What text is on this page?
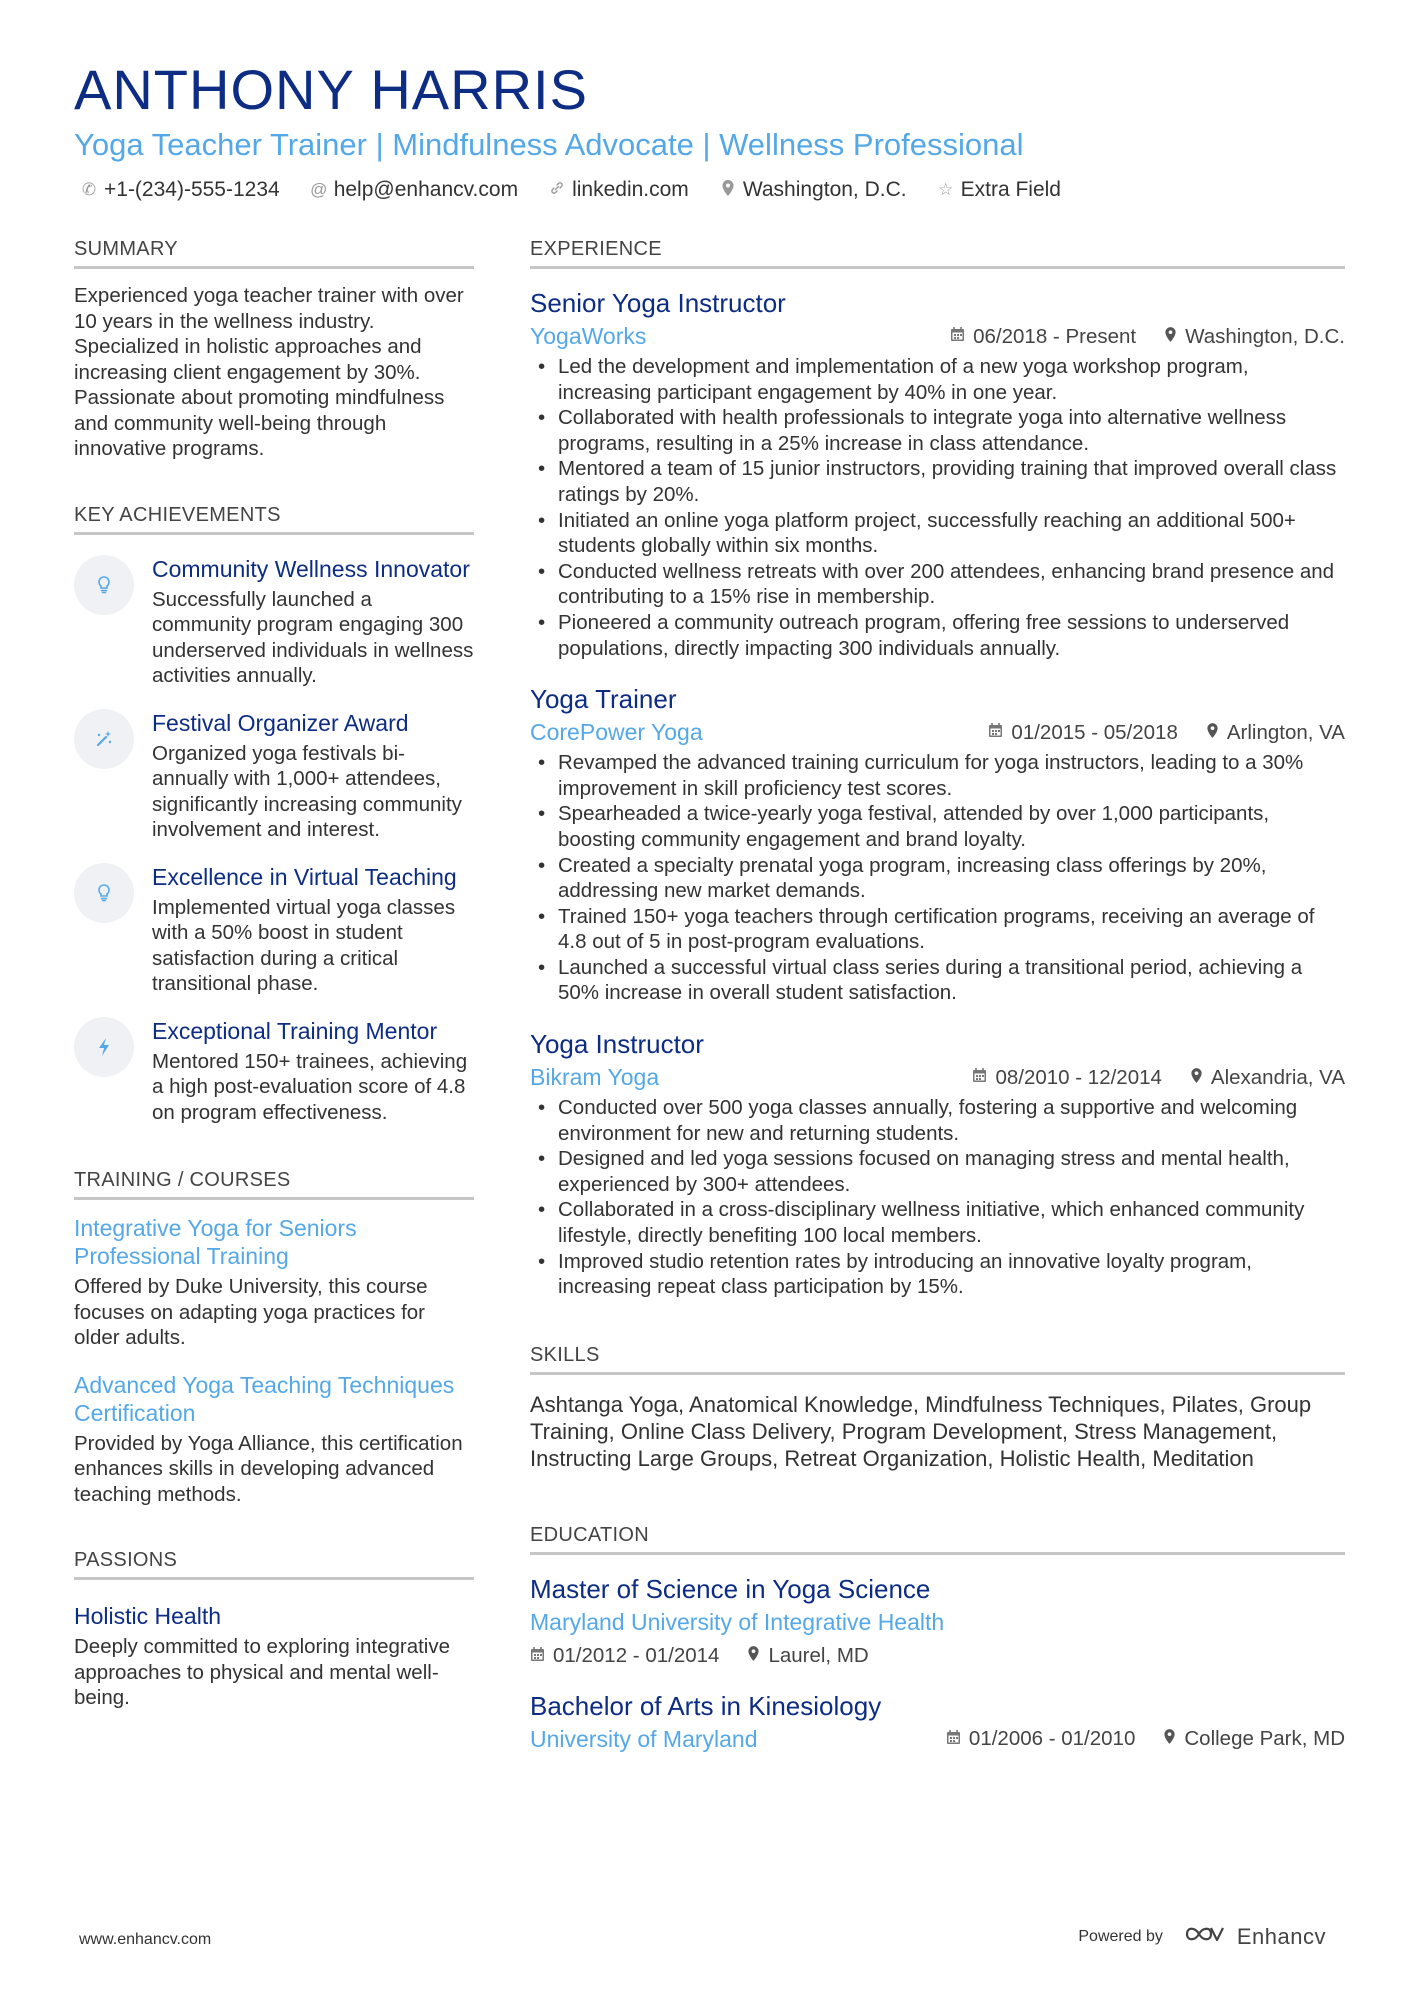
ANTHONY HARRIS
Yoga Teacher Trainer | Mindfulness Advocate | Wellness Professional
✆ +1-(234)-555-1234 @ help@enhancv.com	linkedin.com	Washington, D.C. ☆ Extra Field
SUMMARY

Experienced yoga teacher trainer with over 10 years in the wellness industry. Specialized in holistic approaches and increasing client engagement by 30%. Passionate about promoting mindfulness and community well-being through innovative programs.

KEY ACHIEVEMENTS
Community Wellness Innovator

Successfully launched a community program engaging 300 underserved individuals in wellness activities annually.

Festival Organizer Award

Organized yoga festivals bi-annually with 1,000+ attendees, significantly increasing community involvement and interest.

Excellence in Virtual Teaching

Implemented virtual yoga classes with a 50% boost in student satisfaction during a critical transitional phase.

Exceptional Training Mentor

Mentored 150+ trainees, achieving a high post-evaluation score of 4.8 on program effectiveness.

TRAINING / COURSES
Integrative Yoga for Seniors Professional Training

Offered by Duke University, this course focuses on adapting yoga practices for older adults.

Advanced Yoga Teaching Techniques Certification

Provided by Yoga Alliance, this certification enhances skills in developing advanced teaching methods.

PASSIONS
Holistic Health

Deeply committed to exploring integrative approaches to physical and mental well-being.

EXPERIENCE
Senior Yoga Instructor
YogaWorks	06/2018 - Present Washington, D.C.
• Led the development and implementation of a new yoga workshop program, increasing participant engagement by 40% in one year.
• Collaborated with health professionals to integrate yoga into alternative wellness programs, resulting in a 25% increase in class attendance.
• Mentored a team of 15 junior instructors, providing training that improved overall class ratings by 20%.
• Initiated an online yoga platform project, successfully reaching an additional 500+ students globally within six months.
• Conducted wellness retreats with over 200 attendees, enhancing brand presence and contributing to a 15% rise in membership.
• Pioneered a community outreach program, offering free sessions to underserved populations, directly impacting 300 individuals annually.
Yoga Trainer
CorePower Yoga	01/2015 - 05/2018 Arlington, VA
• Revamped the advanced training curriculum for yoga instructors, leading to a 30% improvement in skill proficiency test scores.
• Spearheaded a twice-yearly yoga festival, attended by over 1,000 participants, boosting community engagement and brand loyalty.
• Created a specialty prenatal yoga program, increasing class offerings by 20%, addressing new market demands.
• Trained 150+ yoga teachers through certification programs, receiving an average of 4.8 out of 5 in post-program evaluations.
• Launched a successful virtual class series during a transitional period, achieving a 50% increase in overall student satisfaction.
Yoga Instructor
Bikram Yoga	08/2010 - 12/2014 Alexandria, VA
• Conducted over 500 yoga classes annually, fostering a supportive and welcoming environment for new and returning students.
• Designed and led yoga sessions focused on managing stress and mental health, experienced by 300+ attendees.
• Collaborated in a cross-disciplinary wellness initiative, which enhanced community lifestyle, directly benefiting 100 local members.
• Improved studio retention rates by introducing an innovative loyalty program, increasing repeat class participation by 15%.
SKILLS

Ashtanga Yoga, Anatomical Knowledge, Mindfulness Techniques, Pilates, Group Training, Online Class Delivery, Program Development, Stress Management, Instructing Large Groups, Retreat Organization, Holistic Health, Meditation

EDUCATION
Master of Science in Yoga Science
Maryland University of Integrative Health
01/2012 - 01/2014 Laurel, MD
Bachelor of Arts in Kinesiology
University of Maryland	01/2006 - 01/2010 College Park, MD
www.enhancv.com	Powered by	Enhancv
